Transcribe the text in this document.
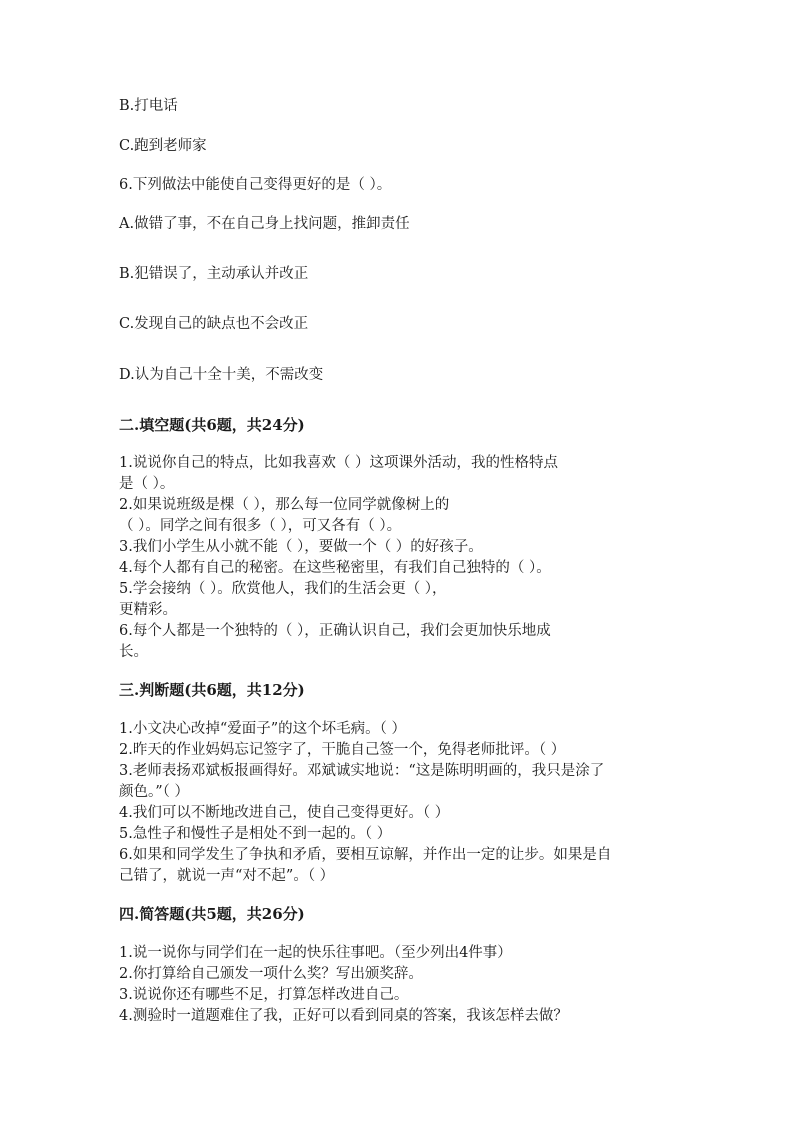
B.打电话
C.跑到老师家
6.下列做法中能使自己变得更好的是（ ）。
A.做错了事，不在自己身上找问题，推卸责任
B.犯错误了，主动承认并改正
C.发现自己的缺点也不会改正
D.认为自己十全十美，不需改变
二.填空题(共6题，共24分)
1.说说你自己的特点，比如我喜欢（ ）这项课外活动，我的性格特点
是（ ）。
2.如果说班级是棵（ ），那么每一位同学就像树上的
（ ）。同学之间有很多（ ），可又各有（ ）。
3.我们小学生从小就不能（ ），要做一个（ ）的好孩子。
4.每个人都有自己的秘密。在这些秘密里，有我们自己独特的（ ）。
5.学会接纳（ ）。欣赏他人，我们的生活会更（ ），
更精彩。
6.每个人都是一个独特的（ ），正确认识自己，我们会更加快乐地成
长。
三.判断题(共6题，共12分)
1.小文决心改掉“爱面子”的这个坏毛病。（ ）
2.昨天的作业妈妈忘记签字了，干脆自己签一个，免得老师批评。（ ）
3.老师表扬邓斌板报画得好。邓斌诚实地说：“这是陈明明画的，我只是涂了
颜色。”（ ）
4.我们可以不断地改进自己，使自己变得更好。（ ）
5.急性子和慢性子是相处不到一起的。（ ）
6.如果和同学发生了争执和矛盾，要相互谅解，并作出一定的让步。如果是自
己错了，就说一声“对不起”。（ ）
四.简答题(共5题，共26分)
1.说一说你与同学们在一起的快乐往事吧。（至少列出4件事）
2.你打算给自己颁发一项什么奖？写出颁奖辞。
3.说说你还有哪些不足，打算怎样改进自己。
4.测验时一道题难住了我，正好可以看到同桌的答案，我该怎样去做？
